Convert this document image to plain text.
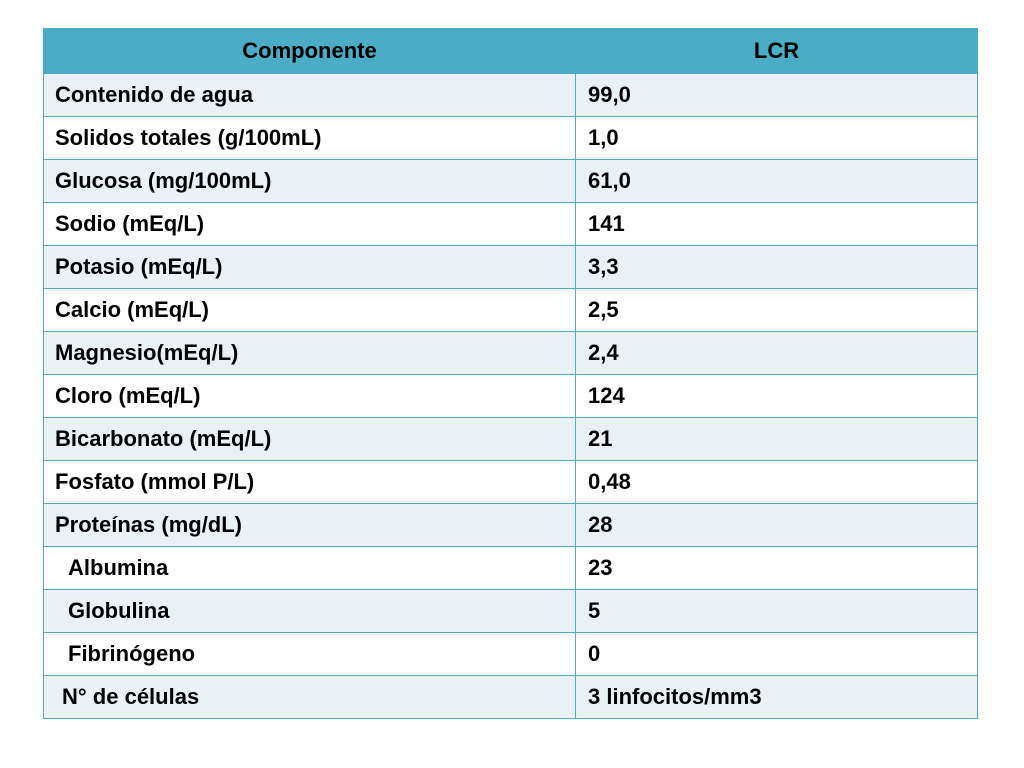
Componente	LCR
Contenido de agua	99,0
Solidos totales (g/100mL)	1,0
Glucosa (mg/100mL)	61,0
Sodio (mEq/L)	141
Potasio (mEq/L)	3,3
Calcio (mEq/L)	2,5
Magnesio(mEq/L)	2,4
Cloro (mEq/L)	124
Bicarbonato (mEq/L)	21
Fosfato (mmol P/L)	0,48
Proteínas (mg/dL)	28
Albumina	23
Globulina	5
Fibrinógeno	0
N° de células	3 linfocitos/mm3
